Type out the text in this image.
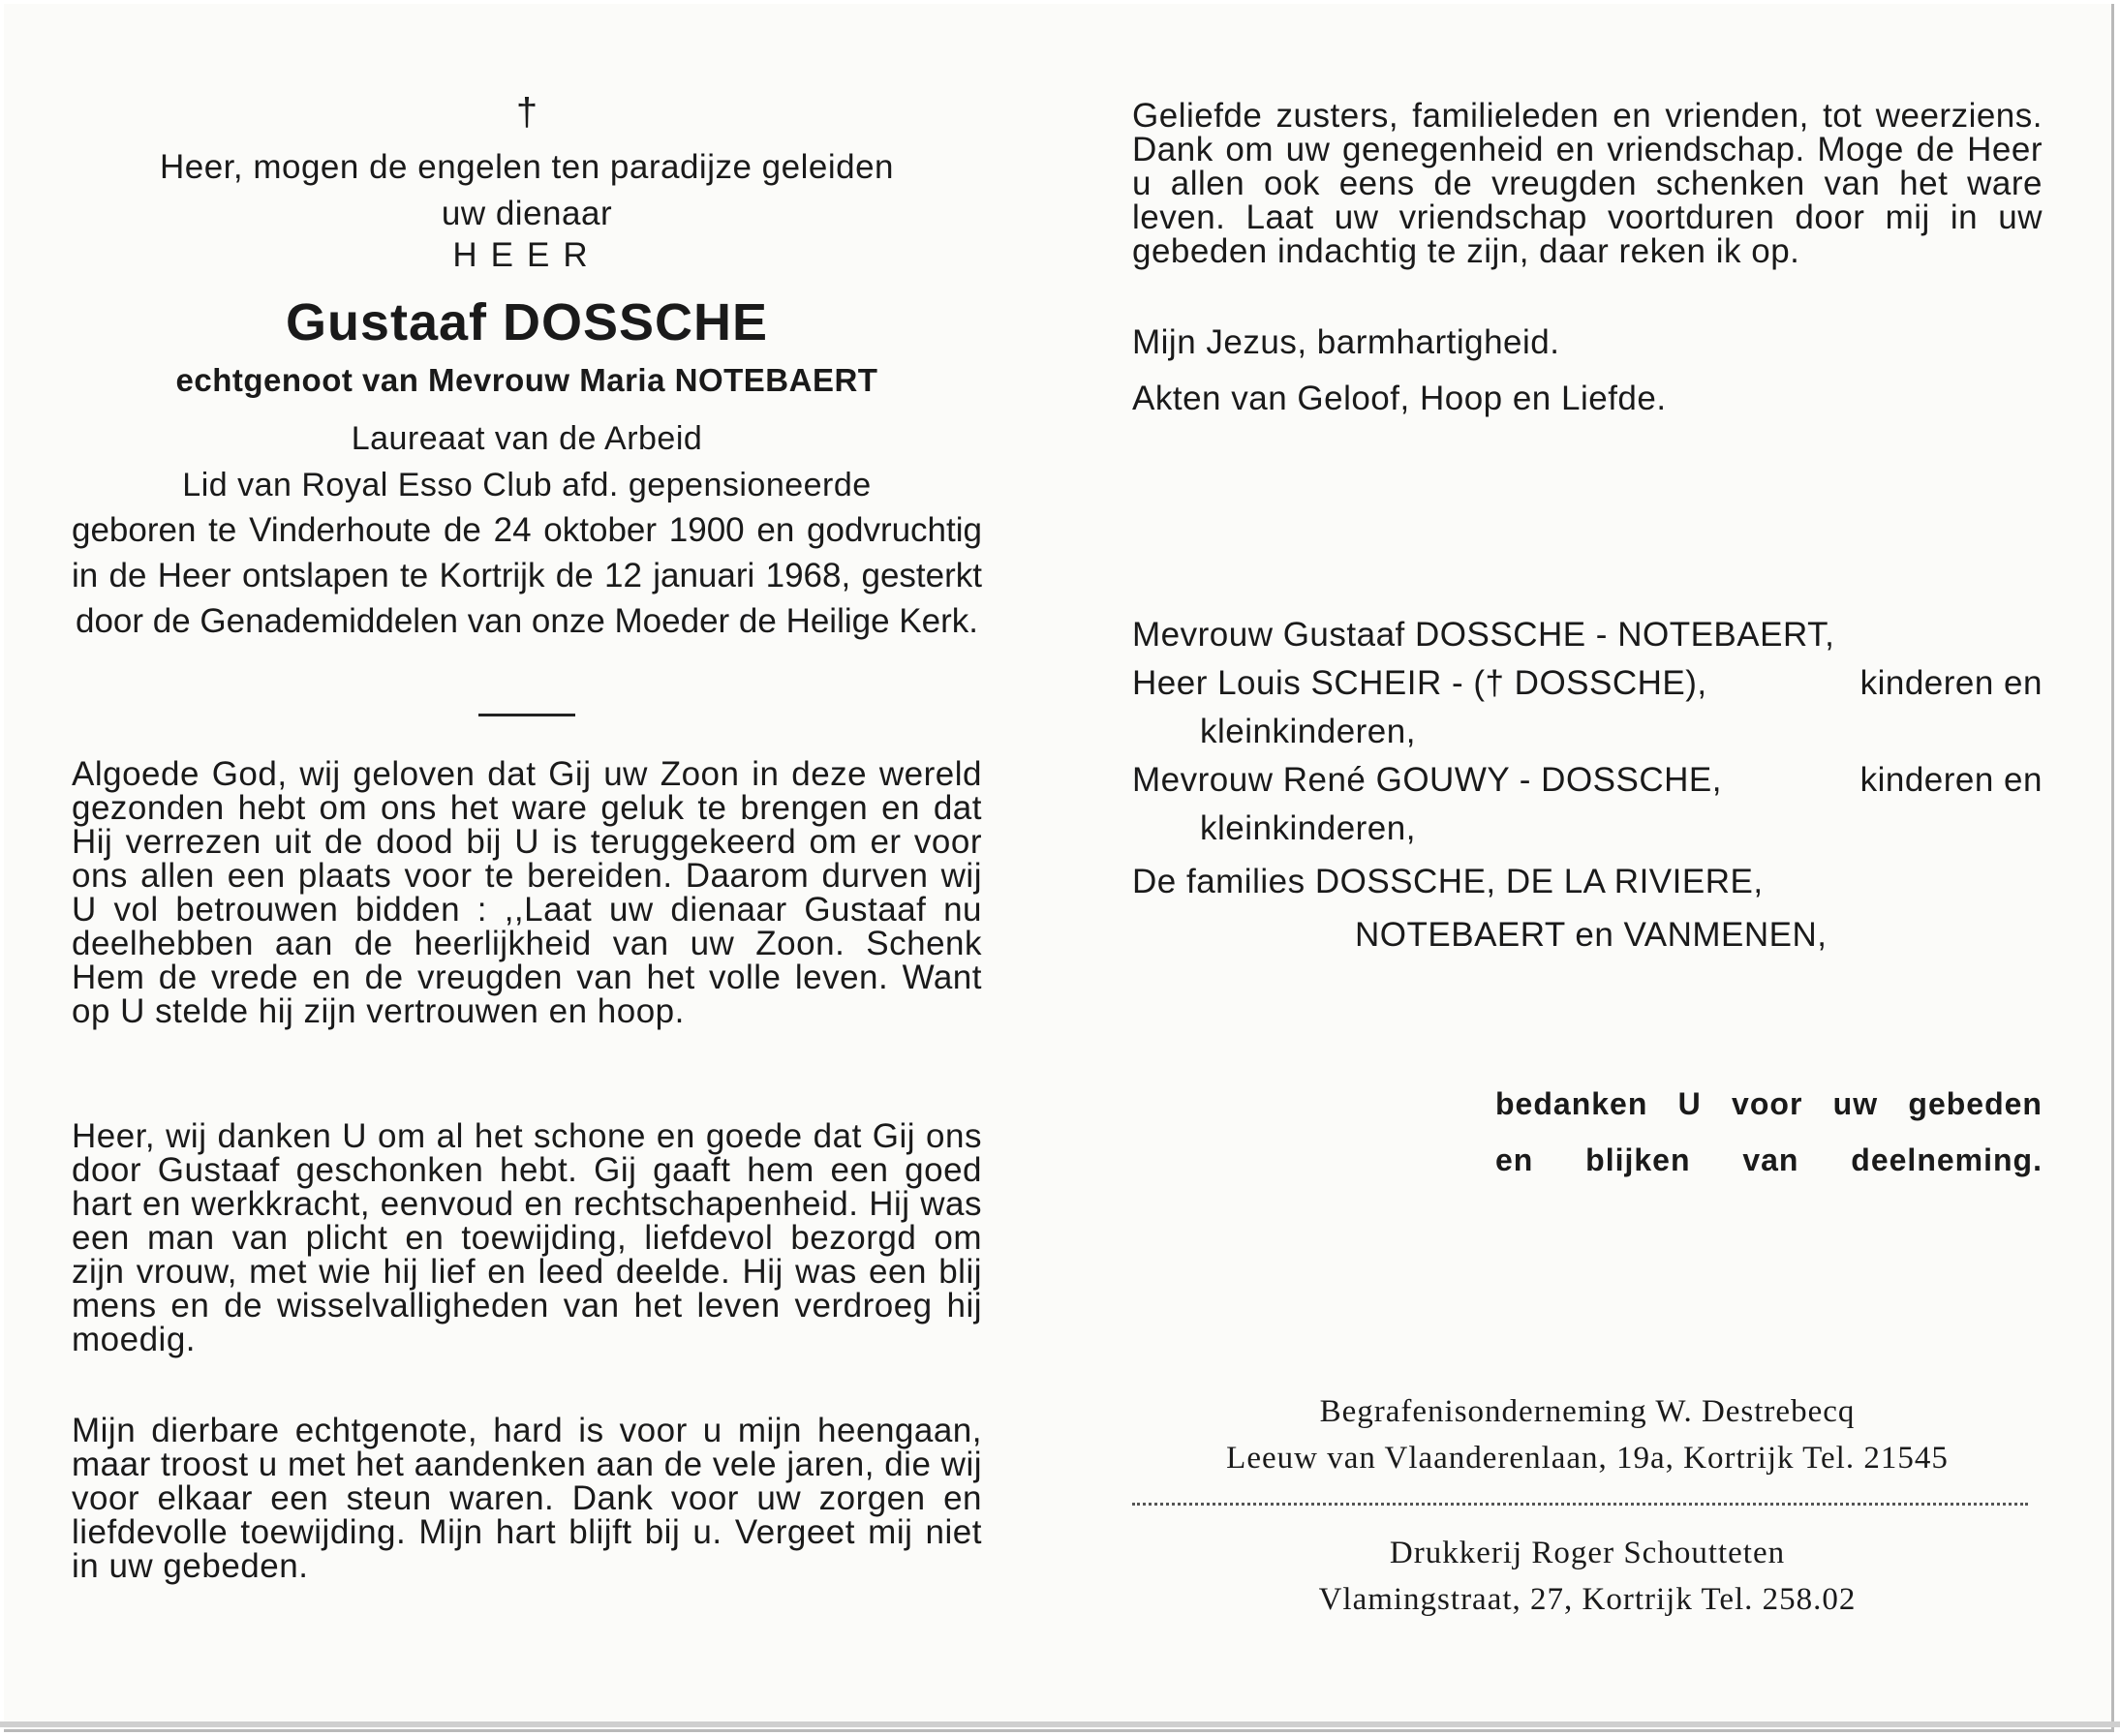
†

Heer, mogen de engelen ten paradijze geleiden

uw dienaar

HEER
Gustaaf DOSSCHE
echtgenoot van Mevrouw Maria NOTEBAERT

Laureaat van de Arbeid

Lid van Royal Esso Club afd. gepensioneerde

geboren te Vinderhoute de 24 oktober 1900 en godvruchtig in de Heer ontslapen te Kortrijk de 12 januari 1968, gesterkt door de Genademiddelen van onze Moeder de Heilige Kerk.
Algoede God, wij geloven dat Gij uw Zoon in deze wereld gezonden hebt om ons het ware geluk te brengen en dat Hij verrezen uit de dood bij U is teruggekeerd om er voor ons allen een plaats voor te bereiden. Daarom durven wij U vol betrouwen bidden : ,,Laat uw dienaar Gustaaf nu deelhebben aan de heerlijkheid van uw Zoon. Schenk Hem de vrede en de vreugden van het volle leven. Want op U stelde hij zijn vertrouwen en hoop.
Heer, wij danken U om al het schone en goede dat Gij ons door Gustaaf geschonken hebt. Gij gaaft hem een goed hart en werkkracht, eenvoud en rechtschapenheid. Hij was een man van plicht en toewijding, liefdevol bezorgd om zijn vrouw, met wie hij lief en leed deelde. Hij was een blij mens en de wisselvalligheden van het leven verdroeg hij moedig.
Mijn dierbare echtgenote, hard is voor u mijn heengaan, maar troost u met het aandenken aan de vele jaren, die wij voor elkaar een steun waren. Dank voor uw zorgen en liefdevolle toewijding. Mijn hart blijft bij u. Vergeet mij niet in uw gebeden.
Geliefde zusters, familieleden en vrienden, tot weerziens. Dank om uw genegenheid en vriendschap. Moge de Heer u allen ook eens de vreugden schenken van het ware leven. Laat uw vriendschap voortduren door mij in uw gebeden indachtig te zijn, daar reken ik op.
Mijn Jezus, barmhartigheid.
Akten van Geloof, Hoop en Liefde.
Mevrouw Gustaaf DOSSCHE - NOTEBAERT,
Heer Louis SCHEIR - († DOSSCHE),	kinderen en
kleinkinderen,
Mevrouw René GOUWY - DOSSCHE,	kinderen en
kleinkinderen,
De families DOSSCHE, DE LA RIVIERE,
NOTEBAERT en VANMENEN,
bedanken U voor uw gebeden
en blijken van deelneming.

Begrafenisonderneming W. Destrebecq

Leeuw van Vlaanderenlaan, 19a, Kortrijk Tel. 21545

Drukkerij Roger Schoutteten

Vlamingstraat, 27, Kortrijk Tel. 258.02
